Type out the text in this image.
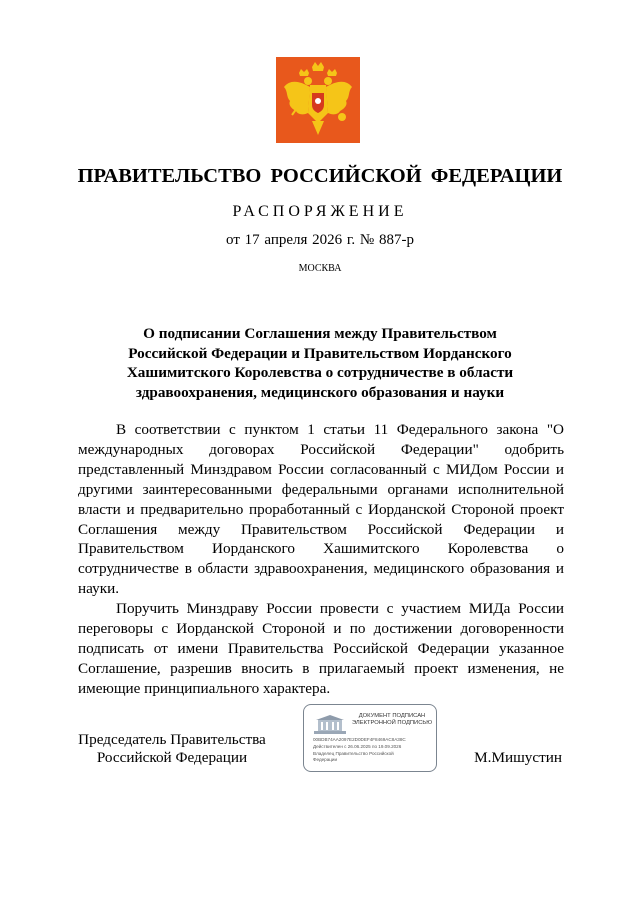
ПРАВИТЕЛЬСТВО РОССИЙСКОЙ ФЕДЕРАЦИИ
РАСПОРЯЖЕНИЕ
от 17 апреля 2026 г. № 887-р
МОСКВА
О подписании Соглашения между Правительством
Российской Федерации и Правительством Иорданского
Хашимитского Королевства о сотрудничестве в области
здравоохранения, медицинского образования и науки

В соответствии с пунктом 1 статьи 11 Федерального закона "О международных договорах Российской Федерации" одобрить представленный Минздравом России согласованный с МИДом России и другими заинтересованными федеральными органами исполнительной власти и предварительно проработанный с Иорданской Стороной проект Соглашения между Правительством Российской Федерации и Правительством Иорданского Хашимитского Королевства о сотрудничестве в области здравоохранения, медицинского образования и науки.

Поручить Минздраву России провести с участием МИДа России переговоры с Иорданской Стороной и по достижении договоренности подписать от имени Правительства Российской Федерации указанное Соглашение, разрешив вносить в прилагаемый проект изменения, не имеющие принципиального характера.

Председатель Правительства
Российской Федерации
ДОКУМЕНТ ПОДПИСАН
ЭЛЕКТРОННОЙ ПОДПИСЬЮ
00BDB74AA2097E2D0DEF4F8469AC8A38C
Действителен с 26.06.2025 по 19.09.2026
Владелец Правительство Российской
Федерации	М.Мишустин
